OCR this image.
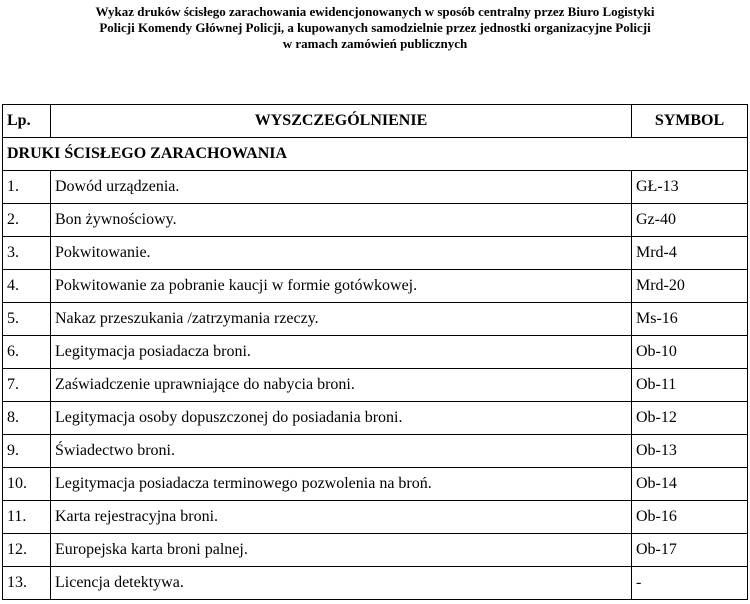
Wykaz druków ścisłego zarachowania ewidencjonowanych w sposób centralny przez Biuro Logistyki
Policji Komendy Głównej Policji, a kupowanych samodzielnie przez jednostki organizacyjne Policji
w ramach zamówień publicznych
Lp.	WYSZCZEGÓLNIENIE	SYMBOL
DRUKI ŚCISŁEGO ZARACHOWANIA		
1.	Dowód urządzenia.	GŁ-13
2.	Bon żywnościowy.	Gz-40
3.	Pokwitowanie.	Mrd-4
4.	Pokwitowanie za pobranie kaucji w formie gotówkowej.	Mrd-20
5.	Nakaz przeszukania /zatrzymania rzeczy.	Ms-16
6.	Legitymacja posiadacza broni.	Ob-10
7.	Zaświadczenie uprawniające do nabycia broni.	Ob-11
8.	Legitymacja osoby dopuszczonej do posiadania broni.	Ob-12
9.	Świadectwo broni.	Ob-13
10.	Legitymacja posiadacza terminowego pozwolenia na broń.	Ob-14
11.	Karta rejestracyjna broni.	Ob-16
12.	Europejska karta broni palnej.	Ob-17
13.	Licencja detektywa.	-
